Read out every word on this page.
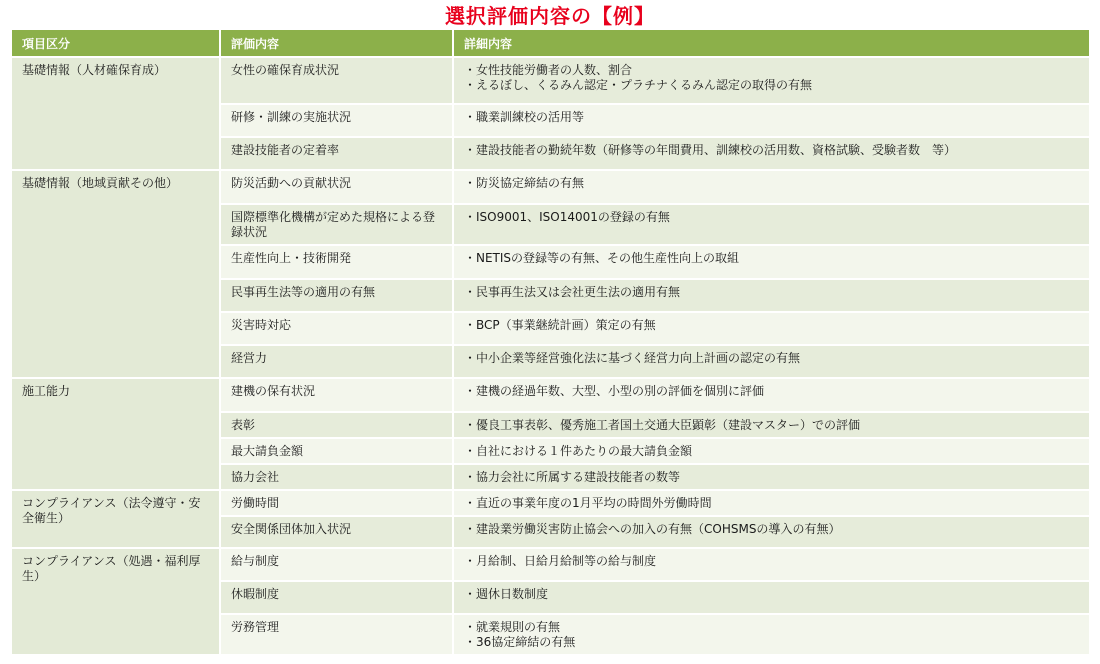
選択評価内容の【例】
項目区分	評価内容	詳細内容
基礎情報（人材確保育成）	女性の確保育成状況	・女性技能労働者の人数、割合
・えるぼし、くるみん認定・プラチナくるみん認定の取得の有無

	研修・訓練の実施状況	・職業訓練校の活用等

	建設技能者の定着率	・建設技能者の勤続年数（研修等の年間費用、訓練校の活用数、資格試験、受験者数　等）

基礎情報（地域貢献その他）	防災活動への貢献状況	・防災協定締結の有無

	国際標準化機構が定めた規格による登録状況	・ISO9001、ISO14001の登録の有無

	生産性向上・技術開発	・NETISの登録等の有無、その他生産性向上の取組

	民事再生法等の適用の有無	・民事再生法又は会社更生法の適用有無

	災害時対応	・BCP（事業継続計画）策定の有無

	経営力	・中小企業等経営強化法に基づく経営力向上計画の認定の有無

施工能力	建機の保有状況	・建機の経過年数、大型、小型の別の評価を個別に評価

	表彰	・優良工事表彰、優秀施工者国土交通大臣顕彰（建設マスター）での評価

	最大請負金額	・自社における１件あたりの最大請負金額

	協力会社	・協力会社に所属する建設技能者の数等

コンプライアンス（法令遵守・安全衛生）	労働時間	・直近の事業年度の1月平均の時間外労働時間

	安全関係団体加入状況	・建設業労働災害防止協会への加入の有無（COHSMSの導入の有無）

コンプライアンス（処遇・福利厚生）	給与制度	・月給制、日給月給制等の給与制度

	休暇制度	・週休日数制度

	労務管理	・就業規則の有無
・36協定締結の有無
